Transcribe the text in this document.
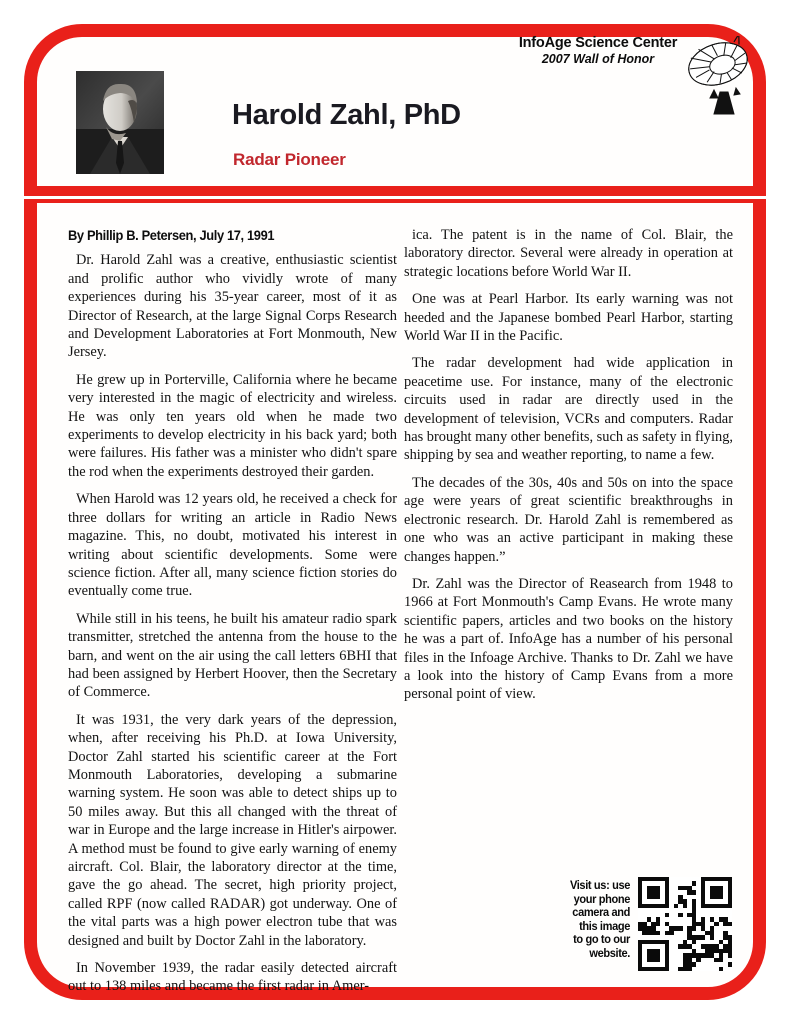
Harold Zahl, PhD
Radar Pioneer
InfoAge Science Center
2007 Wall of Honor
By Phillip B. Petersen, July 17, 1991

Dr. Harold Zahl was a creative, enthusiastic scientist and prolific author who vividly wrote of many experiences during his 35-year career, most of it as Director of Research, at the large Signal Corps Research and Development Laboratories at Fort Monmouth, New Jersey.

He grew up in Porterville, California where he became very interested in the magic of electricity and wireless. He was only ten years old when he made two experiments to develop electricity in his back yard; both were failures. His father was a minister who didn't spare the rod when the experiments destroyed their garden.

When Harold was 12 years old, he received a check for three dollars for writing an article in Radio News magazine. This, no doubt, motivated his interest in writing about scientific developments. Some were science fiction. After all, many science fiction stories do eventually come true.

While still in his teens, he built his amateur radio spark transmitter, stretched the antenna from the house to the barn, and went on the air using the call letters 6BHI that had been assigned by Herbert Hoover, then the Secretary of Commerce.

It was 1931, the very dark years of the depression, when, after receiving his Ph.D. at Iowa University, Doctor Zahl started his scientific career at the Fort Monmouth Laboratories, developing a submarine warning system. He soon was able to detect ships up to 50 miles away. But this all changed with the threat of war in Europe and the large increase in Hitler's airpower. A method must be found to give early warning of enemy aircraft. Col. Blair, the laboratory director at the time, gave the go ahead. The secret, high priority project, called RPF (now called RADAR) got underway. One of the vital parts was a high power electron tube that was designed and built by Doctor Zahl in the laboratory.

In November 1939, the radar easily detected aircraft out to 138 miles and became the first radar in Amer-

ica. The patent is in the name of Col. Blair, the laboratory director. Several were already in operation at strategic locations before World War II.

One was at Pearl Harbor. Its early warning was not heeded and the Japanese bombed Pearl Harbor, starting World War II in the Pacific.

The radar development had wide application in peacetime use. For instance, many of the electronic circuits used in radar are directly used in the development of television, VCRs and computers. Radar has brought many other benefits, such as safety in flying, shipping by sea and weather reporting, to name a few.

The decades of the 30s, 40s and 50s on into the space age were years of great scientific breakthroughs in electronic research. Dr. Harold Zahl is remembered as one who was an active participant in making these changes happen.”

Dr. Zahl was the Director of Reasearch from 1948 to 1966 at Fort Monmouth's Camp Evans. He wrote many scientific papers, articles and two books on the history he was a part of. InfoAge has a number of his personal files in the Infoage Archive. Thanks to Dr. Zahl we have a look into the history of Camp Evans from a more personal point of view.

Visit us: use
your phone
camera and
this image
to go to our
website.
